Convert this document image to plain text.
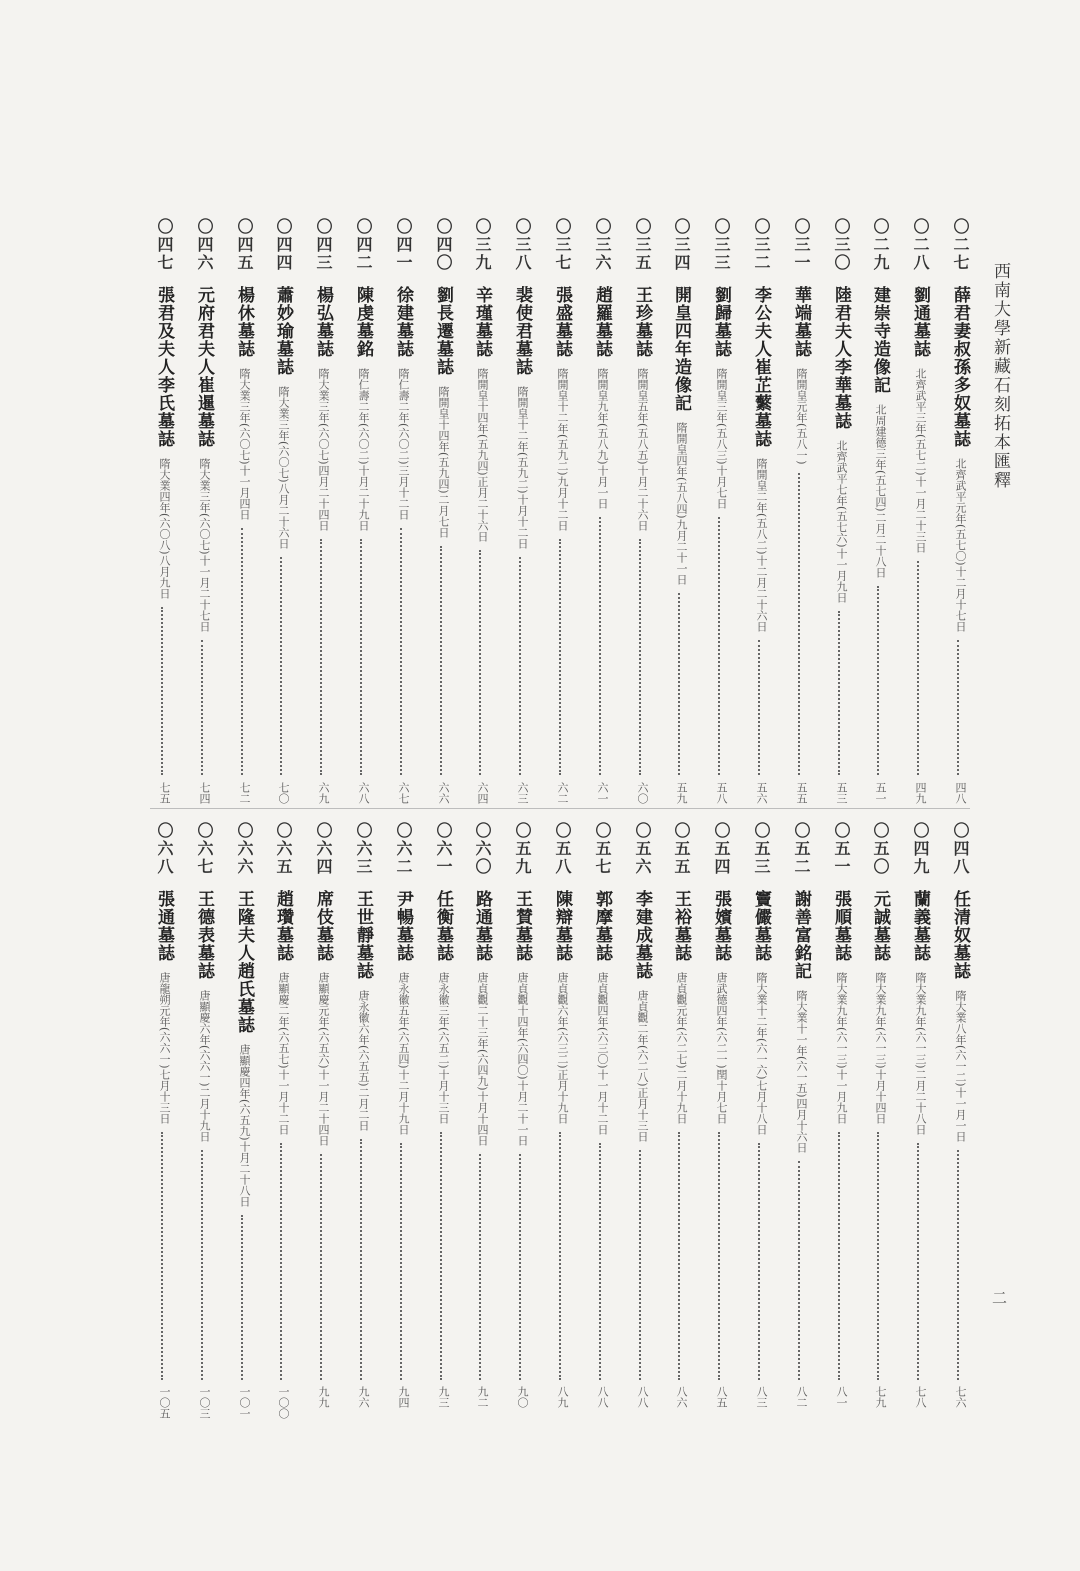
西南大學新藏石刻拓本匯釋
二
〇二七薛君妻叔孫多奴墓誌北齊武平元年(五七〇)十二月十七日
四八
〇二八劉通墓誌北齊武平三年(五七二)十一月二十三日
四九
〇二九建崇寺造像記北周建德三年(五七四)二月二十八日
五一
〇三〇陸君夫人李華墓誌北齊武平七年(五七六)十一月九日
五三
〇三一華端墓誌隋開皇元年(五八一)
五五
〇三二李公夫人崔芷蘩墓誌隋開皇二年(五八二)十二月二十六日
五六
〇三三劉歸墓誌隋開皇三年(五八三)十月七日
五八
〇三四開皇四年造像記隋開皇四年(五八四)九月二十一日
五九
〇三五王珍墓誌隋開皇五年(五八五)十月二十六日
六〇
〇三六趙羅墓誌隋開皇九年(五八九)十月一日
六一
〇三七張盛墓誌隋開皇十二年(五九二)九月十二日
六二
〇三八裴使君墓誌隋開皇十二年(五九二)十月十二日
六三
〇三九辛瑾墓誌隋開皇十四年(五九四)正月二十六日
六四
〇四〇劉長遷墓誌隋開皇十四年(五九四)二月七日
六六
〇四一徐建墓誌隋仁壽二年(六〇二)三月十二日
六七
〇四二陳虔墓銘隋仁壽二年(六〇二)十月二十九日
六八
〇四三楊弘墓誌隋大業三年(六〇七)四月二十四日
六九
〇四四蕭妙瑜墓誌隋大業三年(六〇七)八月二十六日
七〇
〇四五楊休墓誌隋大業三年(六〇七)十一月四日
七二
〇四六元府君夫人崔暹墓誌隋大業三年(六〇七)十一月二十七日
七四
〇四七張君及夫人李氏墓誌隋大業四年(六〇八)八月九日
七五
〇四八任清奴墓誌隋大業八年(六一二)十一月一日
七六
〇四九蘭義墓誌隋大業九年(六一三)二月二十八日
七八
〇五〇元誠墓誌隋大業九年(六一三)十月十四日
七九
〇五一張順墓誌隋大業九年(六一三)十一月九日
八一
〇五二謝善富銘記隋大業十一年(六一五)四月十六日
八二
〇五三竇儼墓誌隋大業十二年(六一六)七月十八日
八三
〇五四張嬪墓誌唐武德四年(六二一)閏十月七日
八五
〇五五王裕墓誌唐貞觀元年(六二七)二月十九日
八六
〇五六李建成墓誌唐貞觀二年(六二八)正月十三日
八八
〇五七郭摩墓誌唐貞觀四年(六三〇)十一月十二日
八八
〇五八陳辯墓誌唐貞觀六年(六三二)正月十九日
八九
〇五九王賛墓誌唐貞觀十四年(六四〇)十月二十一日
九〇
〇六〇路通墓誌唐貞觀二十三年(六四九)十月十四日
九二
〇六一任衡墓誌唐永徽三年(六五二)十月十三日
九三
〇六二尹暢墓誌唐永徽五年(六五四)十二月十九日
九四
〇六三王世靜墓誌唐永徽六年(六五五)二月二日
九六
〇六四席伎墓誌唐顯慶元年(六五六)十一月二十四日
九九
〇六五趙瓚墓誌唐顯慶二年(六五七)十一月十二日
一〇〇
〇六六王隆夫人趙氏墓誌唐顯慶四年(六五九)十月二十八日
一〇一
〇六七王德表墓誌唐顯慶六年(六六一)二月十九日
一〇三
〇六八張通墓誌唐龍朔元年(六六一)七月十三日
一〇五
